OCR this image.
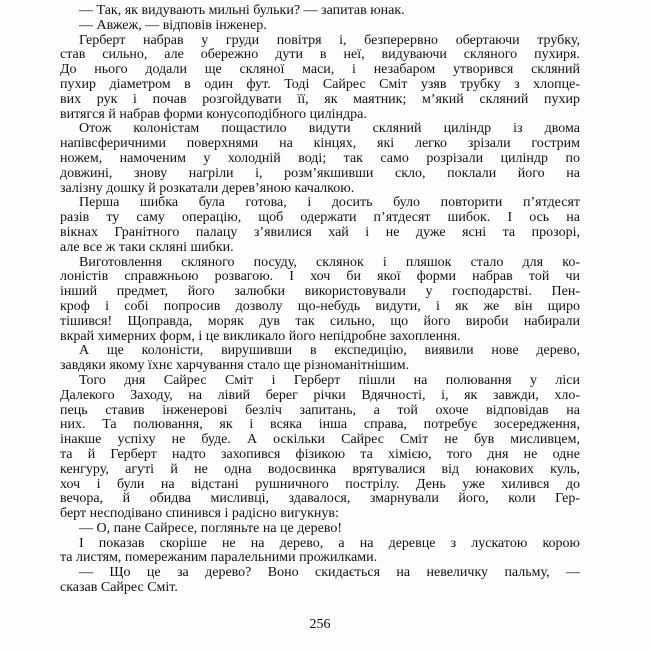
— Так, як видувають мильні бульки? — запитав юнак.
— Авжеж, — відповів інженер.
Герберт набрав у груди повітря і, безперервно обертаючи трубку,
став сильно, але обережно дути в неї, видуваючи скляного пухиря.
До нього додали ще скляної маси, і незабаром утворився скляний
пухир діаметром в один фут. Тоді Сайрес Сміт узяв трубку з хлопце-
вих рук і почав розгойдувати її, як маятник; м’який скляний пухир
витягся й набрав форми конусоподібного циліндра.
Отож колоністам пощастило видути скляний циліндр із двома
напівсферичними поверхнями на кінцях, які легко зрізали гострим
ножем, намоченим у холодній воді; так само розрізали циліндр по
довжині, знову нагріли і, розм’якшивши скло, поклали його на
залізну дошку й розкатали дерев’яною качалкою.
Перша шибка була готова, і досить було повторити п’ятдесят
разів ту саму операцію, щоб одержати п’ятдесят шибок. І ось на
вікнах Гранітного палацу з’явилися хай і не дуже ясні та прозорі,
але все ж таки скляні шибки.
Виготовлення скляного посуду, склянок і пляшок стало для ко-
лоністів справжньою розвагою. І хоч би якої форми набрав той чи
інший предмет, його залюбки використовували у господарстві. Пен-
кроф і собі попросив дозволу що-небудь видути, і як же він щиро
тішився! Щоправда, моряк дув так сильно, що його вироби набирали
вкрай химерних форм, і це викликало його непідробне захоплення.
А ще колоністи, вирушивши в експедицію, виявили нове дерево,
завдяки якому їхнє харчування стало ще різноманітнішим.
Того дня Сайрес Сміт і Герберт пішли на полювання у ліси
Далекого Заходу, на лівий берег річки Вдячності, і, як завжди, хло-
пець ставив інженерові безліч запитань, а той охоче відповідав на
них. Та полювання, як і всяка інша справа, потребує зосередження,
інакше успіху не буде. А оскільки Сайрес Сміт не був мисливцем,
та й Герберт надто захопився фізикою та хімією, того дня не одне
кенгуру, агуті й не одна водосвинка врятувалися від юнакових куль,
хоч і були на відстані рушничного пострілу. День уже хилився до
вечора, й обидва мисливці, здавалося, змарнували його, коли Гер-
берт несподівано спинився і радісно вигукнув:
— О, пане Сайресе, погляньте на це дерево!
І показав скоріше не на дерево, а на деревце з лускатою корою
та листям, помережаним паралельними прожилками.
— Що це за дерево? Воно скидається на невеличку пальму, —
сказав Сайрес Сміт.
256
